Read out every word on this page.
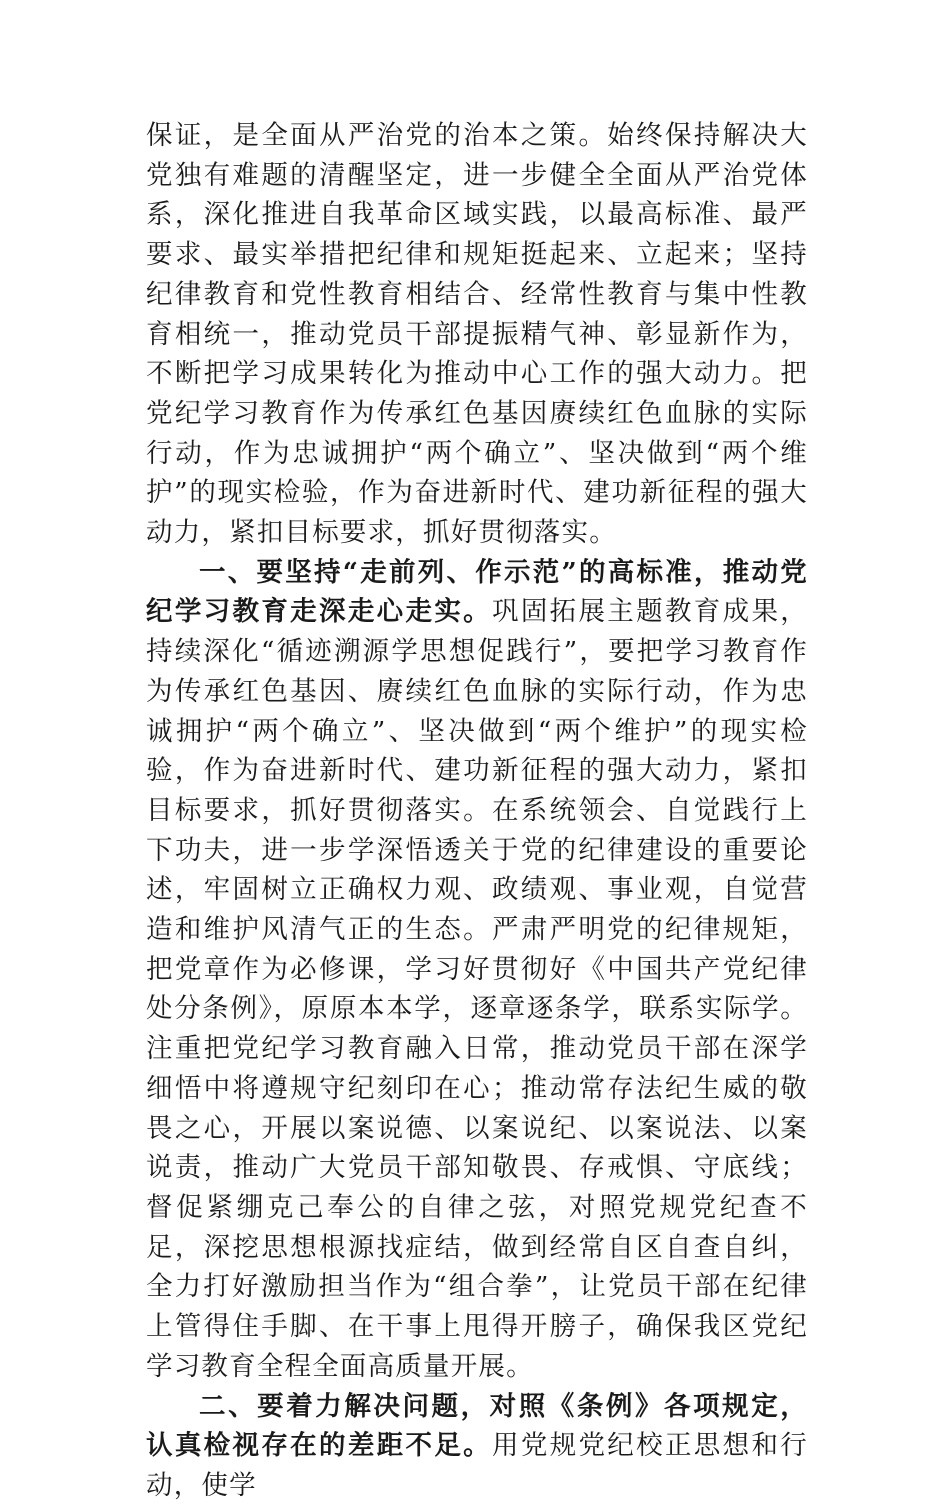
保证，是全面从严治党的治本之策。始终保持解决大党独有难题的清醒坚定，进一步健全全面从严治党体系，深化推进自我革命区域实践，以最高标准、最严要求、最实举措把纪律和规矩挺起来、立起来；坚持纪律教育和党性教育相结合、经常性教育与集中性教育相统一，推动党员干部提振精气神、彰显新作为，不断把学习成果转化为推动中心工作的强大动力。把党纪学习教育作为传承红色基因赓续红色血脉的实际行动，作为忠诚拥护“两个确立”、坚决做到“两个维护”的现实检验，作为奋进新时代、建功新征程的强大动力，紧扣目标要求，抓好贯彻落实。

一、要坚持“走前列、作示范”的高标准，推动党纪学习教育走深走心走实。巩固拓展主题教育成果，持续深化“循迹溯源学思想促践行”，要把学习教育作为传承红色基因、赓续红色血脉的实际行动，作为忠诚拥护“两个确立”、坚决做到“两个维护”的现实检验，作为奋进新时代、建功新征程的强大动力，紧扣目标要求，抓好贯彻落实。在系统领会、自觉践行上下功夫，进一步学深悟透关于党的纪律建设的重要论述，牢固树立正确权力观、政绩观、事业观，自觉营造和维护风清气正的生态。严肃严明党的纪律规矩，把党章作为必修课，学习好贯彻好《中国共产党纪律处分条例》，原原本本学，逐章逐条学，联系实际学。注重把党纪学习教育融入日常，推动党员干部在深学细悟中将遵规守纪刻印在心；推动常存法纪生威的敬畏之心，开展以案说德、以案说纪、以案说法、以案说责，推动广大党员干部知敬畏、存戒惧、守底线；督促紧绷克己奉公的自律之弦，对照党规党纪查不足，深挖思想根源找症结，做到经常自区自查自纠，全力打好激励担当作为“组合拳”，让党员干部在纪律上管得住手脚、在干事上甩得开膀子，确保我区党纪学习教育全程全面高质量开展。

二、要着力解决问题，对照《条例》各项规定，认真检视存在的差距不足。用党规党纪校正思想和行动，使学
